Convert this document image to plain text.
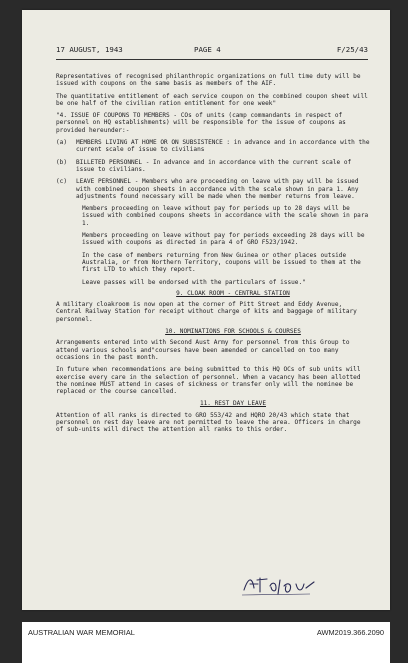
17 AUGUST, 1943	PAGE 4	F/25/43
Representatives of recognised philanthropic organizations on full time duty will be issued with coupons on the same basis as members of the AIF.
The quantitative entitlement of each service coupon on the combined coupon sheet will be one half of the civilian ration entitlement for one week"
"4. ISSUE OF COUPONS TO MEMBERS - COs of units (camp commandants in respect of personnel on HQ establishments) will be responsible for the issue of coupons as provided hereunder:-
(a)	MEMBERS LIVING AT HOME OR ON SUBSISTENCE : in advance and in accordance with the current scale of issue to civilians
(b)	BILLETED PERSONNEL - In advance and in accordance with the current scale of issue to civilians.
(c)	LEAVE PERSONNEL - Members who are proceeding on leave with pay will be issued with combined coupon sheets in accordance with the scale shown in para 1. Any adjustments found necessary will be made when the member returns from leave.
Members proceeding on leave without pay for periods up to 28 days will be issued with combined coupons sheets in accordance with the scale shown in para 1.
Members proceeding on leave without pay for periods exceeding 28 days will be issued with coupons as directed in para 4 of GRO F523/1942.
In the case of members returning from New Guinea or other places outside Australia, or from Northern Territory, coupons will be issued to them at the first LTD to which they report.
Leave passes will be endorsed with the particulars of issue."
9. CLOAK ROOM - CENTRAL STATION
A military cloakroom is now open at the corner of Pitt Street and Eddy Avenue, Central Railway Station for receipt without charge of kits and baggage of military personnel.
10. NOMINATIONS FOR SCHOOLS & COURSES
Arrangements entered into with Second Aust Army for personnel from this Group to attend various schools and"courses have been amended or cancelled on too many occasions in the past month.
In future when recommendations are being submitted to this HQ OCs of sub units will exercise every care in the selection of personnel. When a vacancy has been allotted the nominee MUST attend in cases of sickness or transfer only will the nominee be replaced or the course cancelled.
11. REST DAY LEAVE
Attention of all ranks is directed to GRO 553/42 and HQRO 20/43 which state that personnel on rest day leave are not permitted to leave the area. Officers in charge of sub-units will direct the attention all ranks to this order.
AUSTRALIAN WAR MEMORIAL	AWM2019.366.2090
